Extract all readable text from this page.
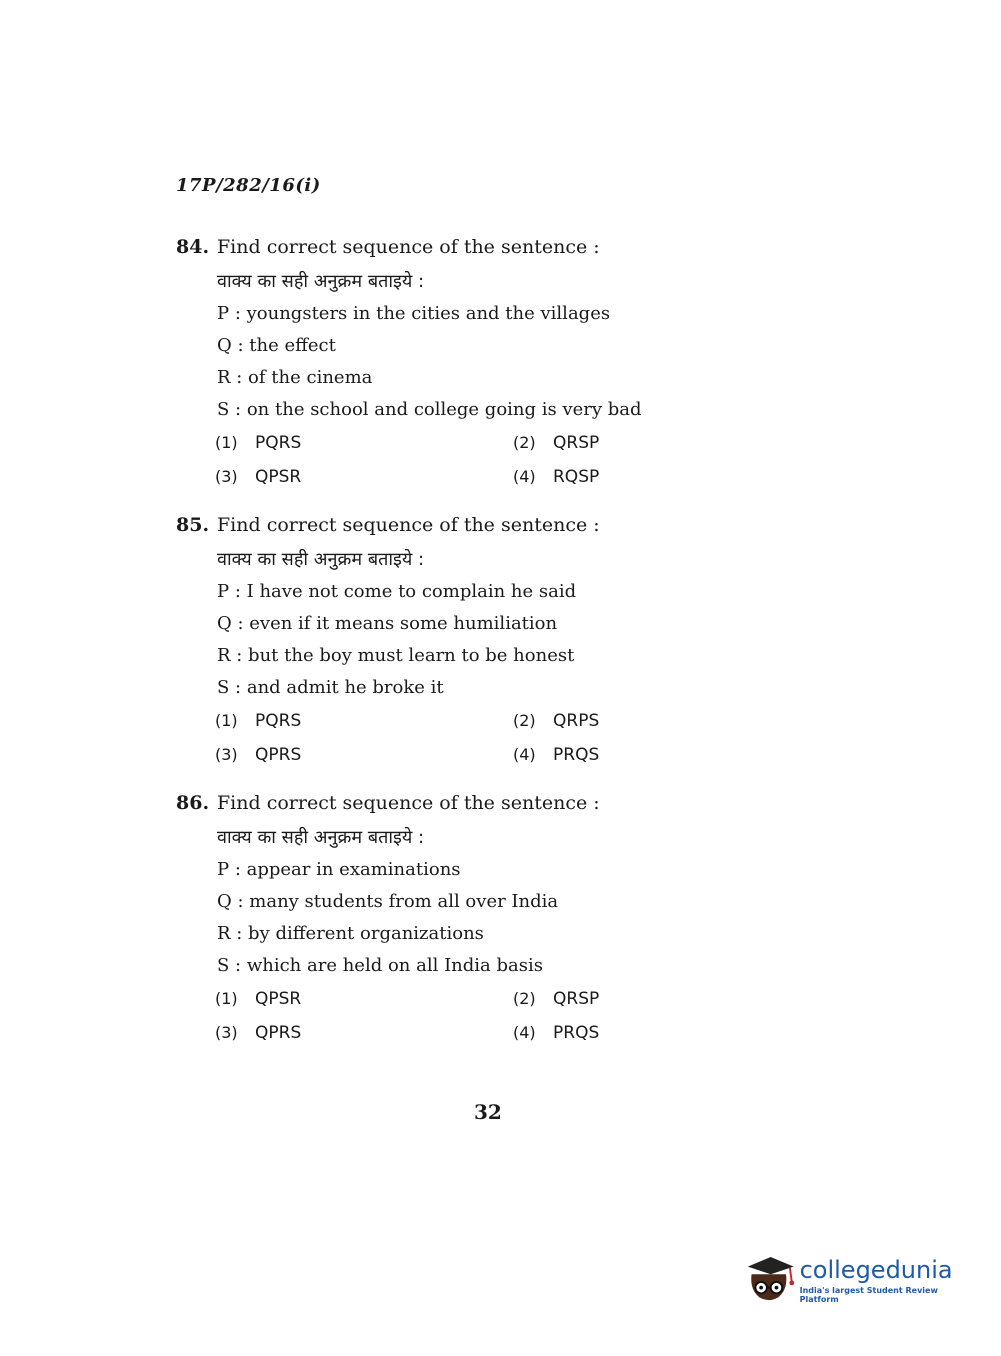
17P/282/16(i)
84. Find correct sequence of the sentence :
वाक्य का सही अनुक्रम बताइये :
P : youngsters in the cities and the villages
Q : the effect
R : of the cinema
S : on the school and college going is very bad
(1)	PQRS	(2)	QRSP
(3)	QPSR	(4)	RQSP
85. Find correct sequence of the sentence :
वाक्य का सही अनुक्रम बताइये :
P : I have not come to complain he said
Q : even if it means some humiliation
R : but the boy must learn to be honest
S : and admit he broke it
(1)	PQRS	(2)	QRPS
(3)	QPRS	(4)	PRQS
86. Find correct sequence of the sentence :
वाक्य का सही अनुक्रम बताइये :
P : appear in examinations
Q : many students from all over India
R : by different organizations
S : which are held on all India basis
(1)	QPSR	(2)	QRSP
(3)	QPRS	(4)	PRQS
32
collegedunia
India's largest Student Review Platform
